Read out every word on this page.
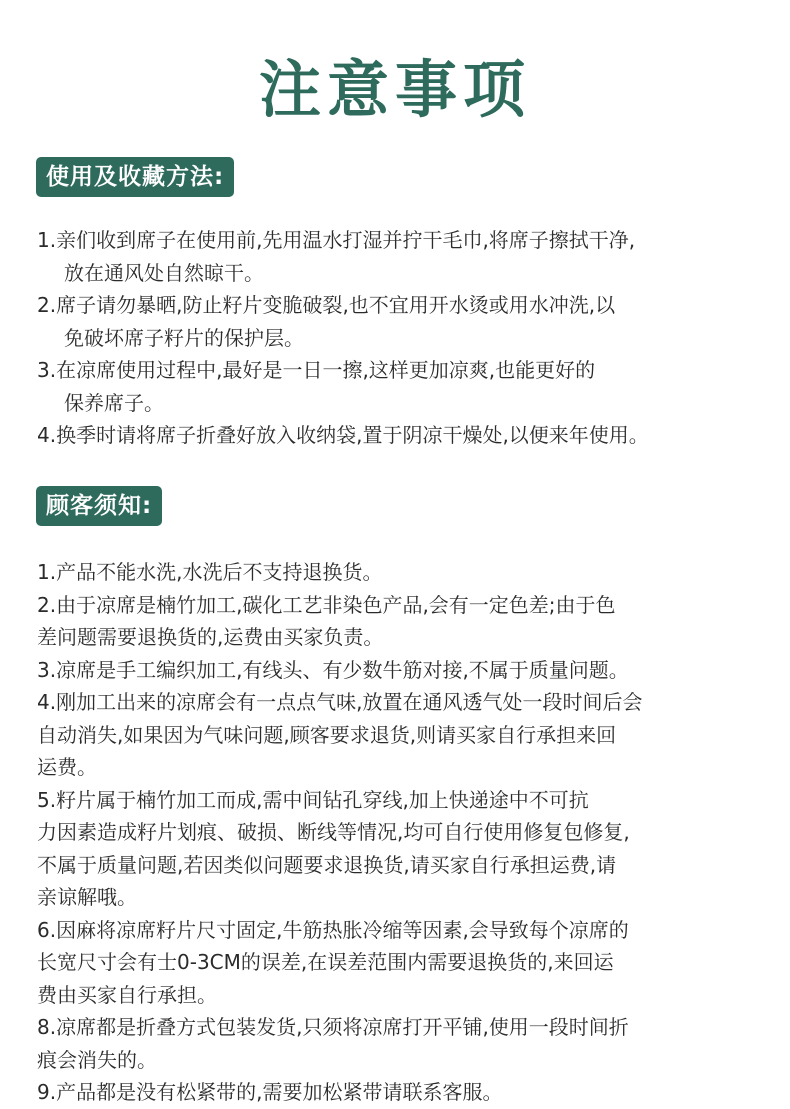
注意事项
使用及收藏方法:
1.亲们收到席子在使用前,先用温水打湿并拧干毛巾,将席子擦拭干净,
放在通风处自然晾干。
2.席子请勿暴晒,防止籽片变脆破裂,也不宜用开水烫或用水冲洗,以
免破坏席子籽片的保护层。
3.在凉席使用过程中,最好是一日一擦,这样更加凉爽,也能更好的
保养席子。
4.换季时请将席子折叠好放入收纳袋,置于阴凉干燥处,以便来年使用。
顾客须知:
1.产品不能水洗,水洗后不支持退换货。
2.由于凉席是楠竹加工,碳化工艺非染色产品,会有一定色差;由于色
差问题需要退换货的,运费由买家负责。
3.凉席是手工编织加工,有线头、有少数牛筋对接,不属于质量问题。
4.刚加工出来的凉席会有一点点气味,放置在通风透气处一段时间后会
自动消失,如果因为气味问题,顾客要求退货,则请买家自行承担来回
运费。
5.籽片属于楠竹加工而成,需中间钻孔穿线,加上快递途中不可抗
力因素造成籽片划痕、破损、断线等情况,均可自行使用修复包修复,
不属于质量问题,若因类似问题要求退换货,请买家自行承担运费,请
亲谅解哦。
6.因麻将凉席籽片尺寸固定,牛筋热胀冷缩等因素,会导致每个凉席的
长宽尺寸会有士0-3CM的误差,在误差范围内需要退换货的,来回运
费由买家自行承担。
8.凉席都是折叠方式包装发货,只须将凉席打开平铺,使用一段时间折
痕会消失的。
9.产品都是没有松紧带的,需要加松紧带请联系客服。
